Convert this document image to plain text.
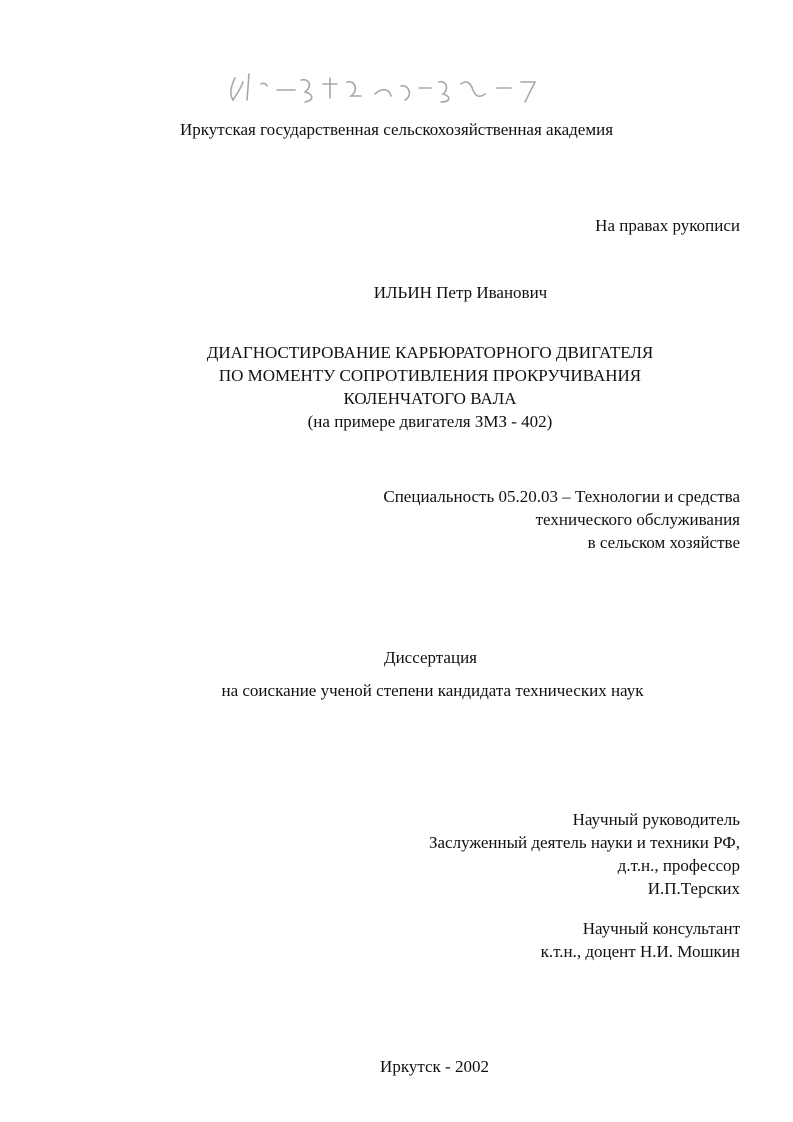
Иркутская государственная сельскохозяйственная академия
На правах рукописи
ИЛЬИН Петр Иванович
ДИАГНОСТИРОВАНИЕ КАРБЮРАТОРНОГО ДВИГАТЕЛЯ
ПО МОМЕНТУ СОПРОТИВЛЕНИЯ ПРОКРУЧИВАНИЯ
КОЛЕНЧАТОГО ВАЛА
(на примере двигателя ЗМЗ - 402)
Специальность 05.20.03 – Технологии и средства
технического обслуживания
в сельском хозяйстве
Диссертация
на соискание ученой степени кандидата технических наук
Научный руководитель
Заслуженный деятель науки и техники РФ,
д.т.н., профессор
И.П.Терских
Научный консультант
к.т.н., доцент Н.И. Мошкин
Иркутск - 2002
